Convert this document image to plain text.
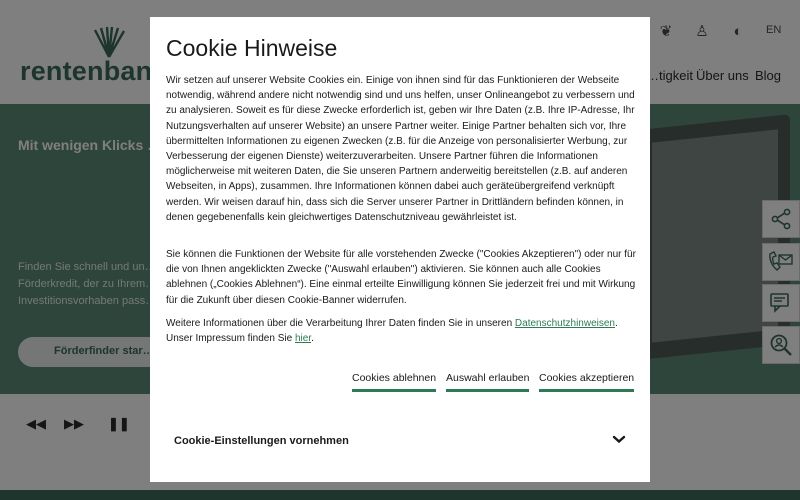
Cookie Hinweise

Wir setzen auf unserer Website Cookies ein. Einige von ihnen sind für das Funktionieren der Webseite notwendig, während andere nicht notwendig sind und uns helfen, unser Onlineangebot zu verbessern und zu analysieren. Soweit es für diese Zwecke erforderlich ist, geben wir Ihre Daten (z.B. Ihre IP-Adresse, Ihr Nutzungsverhalten auf unserer Website) an unsere Partner weiter. Einige Partner behalten sich vor, Ihre übermittelten Informationen zu eigenen Zwecken (z.B. für die Anzeige von personalisierter Werbung, zur Verbesserung der eigenen Dienste) weiterzuverarbeiten. Unsere Partner führen die Informationen möglicherweise mit weiteren Daten, die Sie unseren Partnern anderweitig bereitstellen (z.B. auf anderen Webseiten, in Apps), zusammen. Ihre Informationen können dabei auch geräteübergreifend verknüpft werden. Wir weisen darauf hin, dass sich die Server unserer Partner in Drittländern befinden können, in denen gegebenenfalls kein gleichwertiges Datenschutzniveau gewährleistet ist.

Sie können die Funktionen der Website für alle vorstehenden Zwecke ("Cookies Akzeptieren") oder nur für die von Ihnen angeklickten Zwecke ("Auswahl erlauben") aktivieren. Sie können auch alle Cookies ablehnen („Cookies Ablehnen“). Eine einmal erteilte Einwilligung können Sie jederzeit frei und mit Wirkung für die Zukunft über diesen Cookie-Banner widerrufen.

Weitere Informationen über die Verarbeitung Ihrer Daten finden Sie in unseren Datenschutzhinweisen. Unser Impressum finden Sie hier.

Cookies ablehnen Auswahl erlauben Cookies akzeptieren
Cookie-Einstellungen vornehmen
